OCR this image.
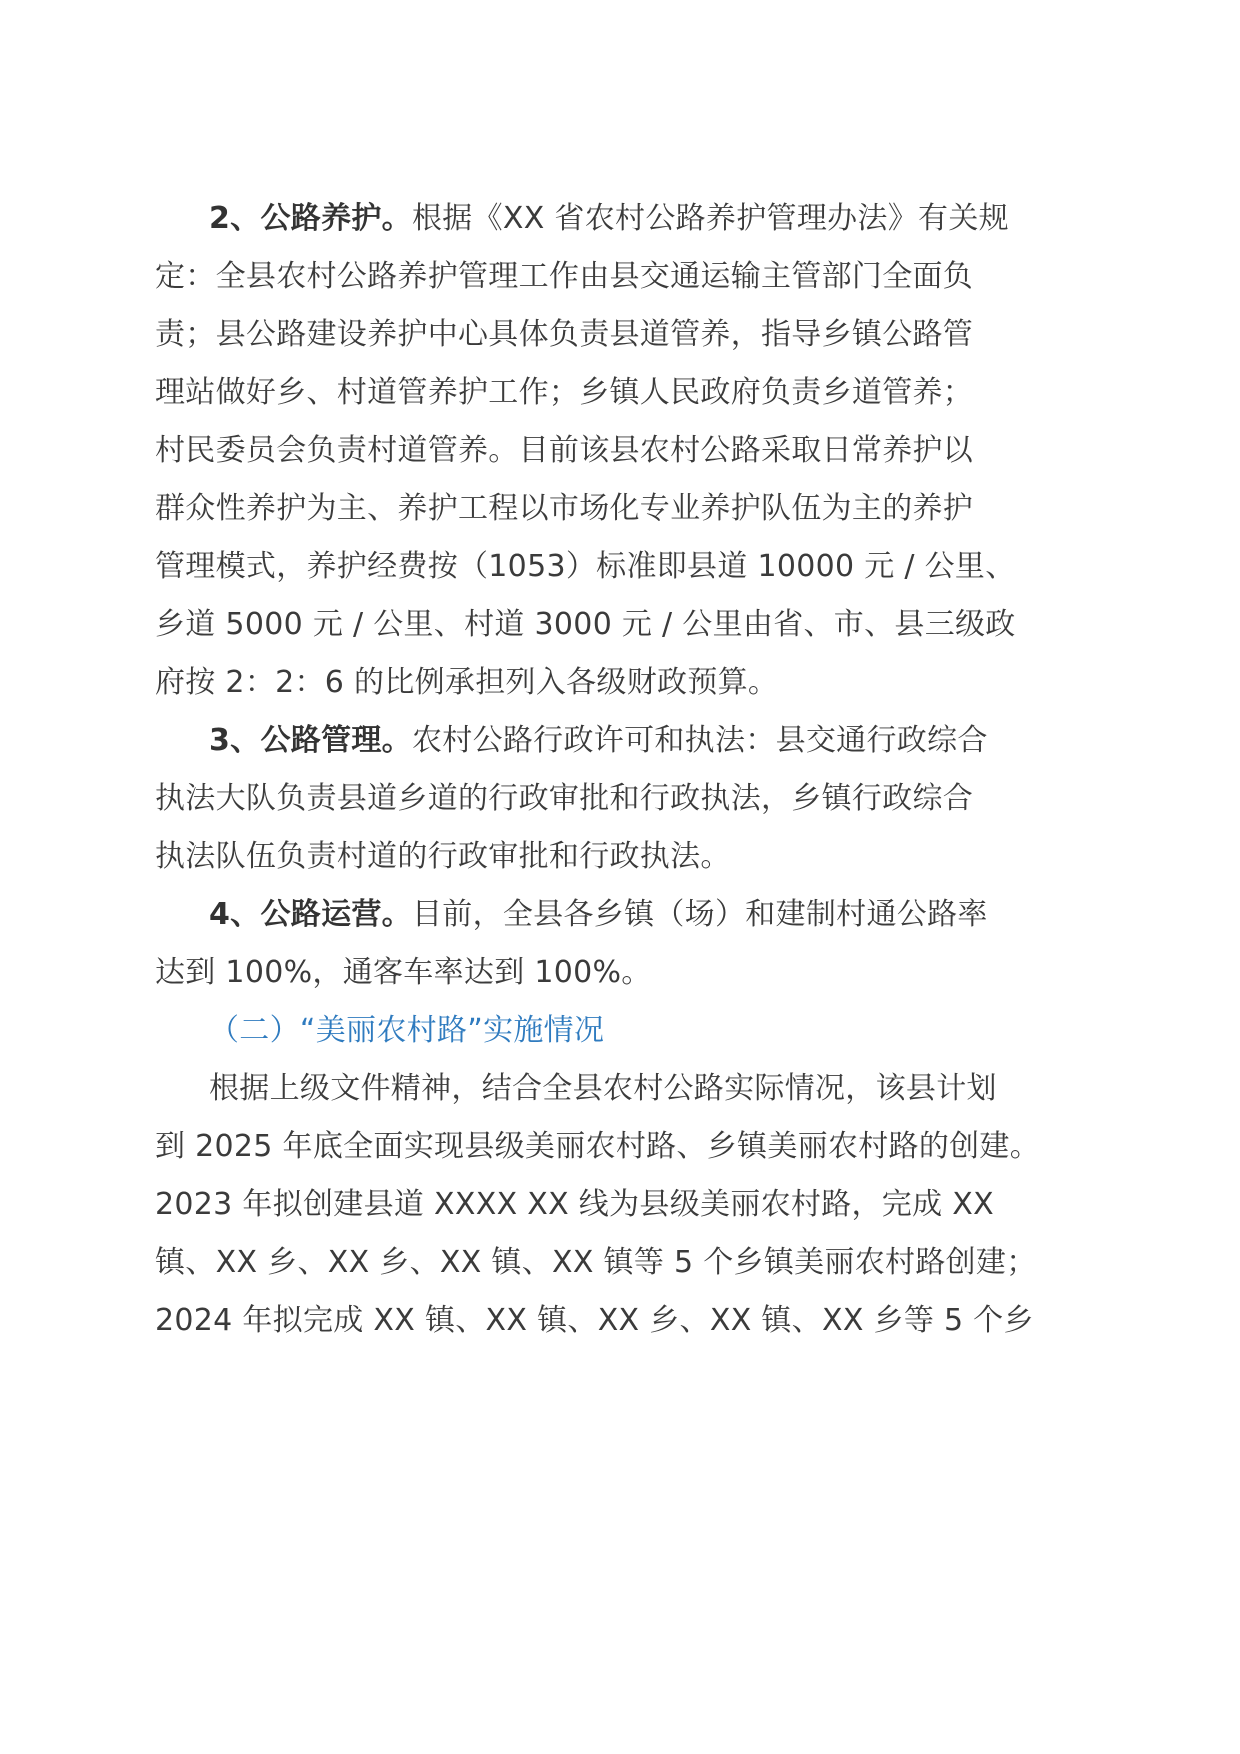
2、公路养护。根据《XX 省农村公路养护管理办法》有关规
定：全县农村公路养护管理工作由县交通运输主管部门全面负
责；县公路建设养护中心具体负责县道管养，指导乡镇公路管
理站做好乡、村道管养护工作；乡镇人民政府负责乡道管养；
村民委员会负责村道管养。目前该县农村公路采取日常养护以
群众性养护为主、养护工程以市场化专业养护队伍为主的养护
管理模式，养护经费按（1053）标准即县道 10000 元 / 公里、
乡道 5000 元 / 公里、村道 3000 元 / 公里由省、市、县三级政
府按 2：2：6 的比例承担列入各级财政预算。
3、公路管理。农村公路行政许可和执法：县交通行政综合
执法大队负责县道乡道的行政审批和行政执法，乡镇行政综合
执法队伍负责村道的行政审批和行政执法。
4、公路运营。目前，全县各乡镇（场）和建制村通公路率
达到 100%，通客车率达到 100%。
（二）“美丽农村路”实施情况
根据上级文件精神，结合全县农村公路实际情况，该县计划
到 2025 年底全面实现县级美丽农村路、乡镇美丽农村路的创建。
2023 年拟创建县道 XXXX XX 线为县级美丽农村路，完成 XX
镇、XX 乡、XX 乡、XX 镇、XX 镇等 5 个乡镇美丽农村路创建；
2024 年拟完成 XX 镇、XX 镇、XX 乡、XX 镇、XX 乡等 5 个乡
